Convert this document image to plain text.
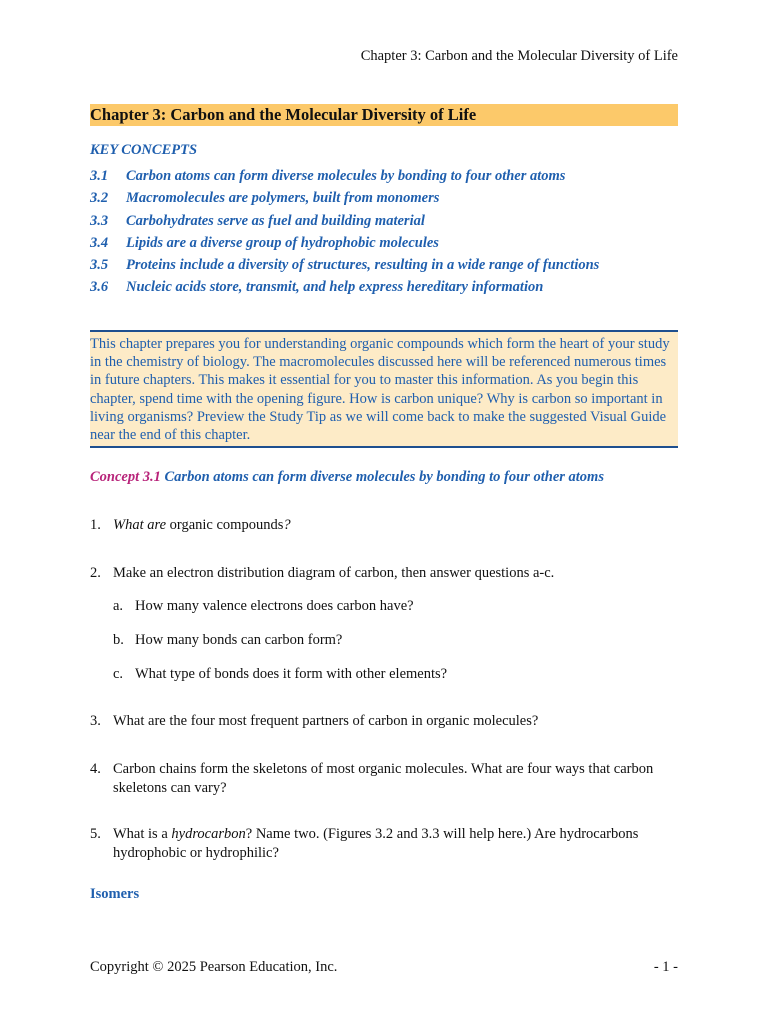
Chapter 3: Carbon and the Molecular Diversity of Life
Chapter 3: Carbon and the Molecular Diversity of Life
KEY CONCEPTS
3.1 Carbon atoms can form diverse molecules by bonding to four other atoms
3.2 Macromolecules are polymers, built from monomers
3.3 Carbohydrates serve as fuel and building material
3.4 Lipids are a diverse group of hydrophobic molecules
3.5 Proteins include a diversity of structures, resulting in a wide range of functions
3.6 Nucleic acids store, transmit, and help express hereditary information
This chapter prepares you for understanding organic compounds which form the heart of your study in the chemistry of biology. The macromolecules discussed here will be referenced numerous times in future chapters. This makes it essential for you to master this information. As you begin this chapter, spend time with the opening figure. How is carbon unique? Why is carbon so important in living organisms? Preview the Study Tip as we will come back to make the suggested Visual Guide near the end of this chapter.
Concept 3.1 Carbon atoms can form diverse molecules by bonding to four other atoms
1. What are organic compounds?
2. Make an electron distribution diagram of carbon, then answer questions a-c.
a. How many valence electrons does carbon have?
b. How many bonds can carbon form?
c. What type of bonds does it form with other elements?
3. What are the four most frequent partners of carbon in organic molecules?
4. Carbon chains form the skeletons of most organic molecules. What are four ways that carbon skeletons can vary?
5. What is a hydrocarbon? Name two. (Figures 3.2 and 3.3 will help here.) Are hydrocarbons hydrophobic or hydrophilic?
Isomers
Copyright © 2025 Pearson Education, Inc.	- 1 -
